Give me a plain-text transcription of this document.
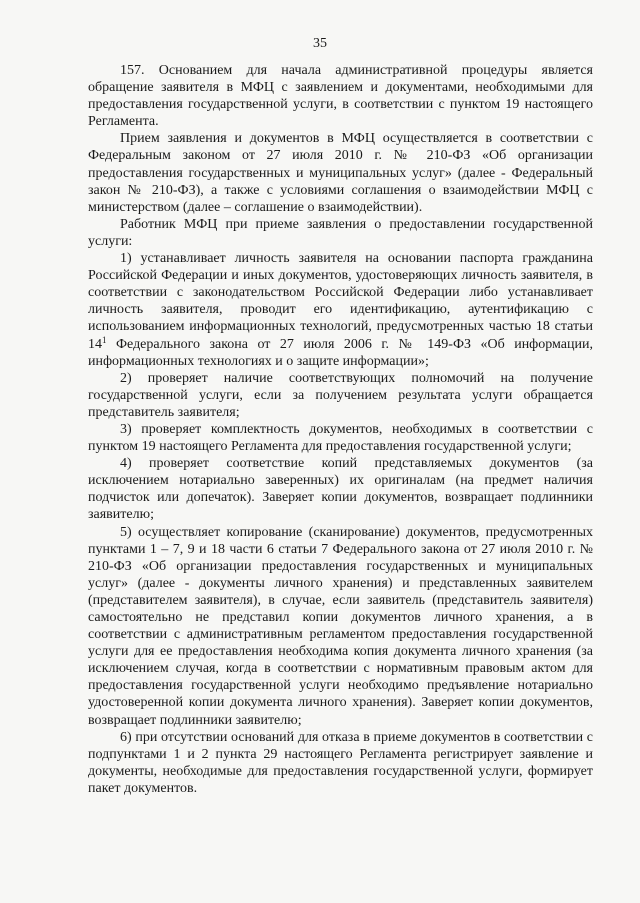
35

157. Основанием для начала административной процедуры является обращение заявителя в МФЦ с заявлением и документами, необходимыми для предоставления государственной услуги, в соответствии с пунктом 19 настоящего Регламента.

Прием заявления и документов в МФЦ осуществляется в соответствии с Федеральным законом от 27 июля 2010 г. № 210-ФЗ «Об организации предоставления государственных и муниципальных услуг» (далее - Федеральный закон № 210-ФЗ), а также с условиями соглашения о взаимодействии МФЦ с министерством (далее – соглашение о взаимодействии).

Работник МФЦ при приеме заявления о предоставлении государственной услуги:

1) устанавливает личность заявителя на основании паспорта гражданина Российской Федерации и иных документов, удостоверяющих личность заявителя, в соответствии с законодательством Российской Федерации либо устанавливает личность заявителя, проводит его идентификацию, аутентификацию с использованием информационных технологий, предусмотренных частью 18 статьи $14^1$ Федерального закона от 27 июля 2006 г. № 149-ФЗ «Об информации, информационных технологиях и о защите информации»;

2) проверяет наличие соответствующих полномочий на получение государственной услуги, если за получением результата услуги обращается представитель заявителя;

3) проверяет комплектность документов, необходимых в соответствии с пунктом 19 настоящего Регламента для предоставления государственной услуги;

4) проверяет соответствие копий представляемых документов (за исключением нотариально заверенных) их оригиналам (на предмет наличия подчисток или допечаток). Заверяет копии документов, возвращает подлинники заявителю;

5) осуществляет копирование (сканирование) документов, предусмотренных пунктами 1 – 7, 9 и 18 части 6 статьи 7 Федерального закона от 27 июля 2010 г. № 210-ФЗ «Об организации предоставления государственных и муниципальных услуг» (далее - документы личного хранения) и представленных заявителем (представителем заявителя), в случае, если заявитель (представитель заявителя) самостоятельно не представил копии документов личного хранения, а в соответствии с административным регламентом предоставления государственной услуги для ее предоставления необходима копия документа личного хранения (за исключением случая, когда в соответствии с нормативным правовым актом для предоставления государственной услуги необходимо предъявление нотариально удостоверенной копии документа личного хранения). Заверяет копии документов, возвращает подлинники заявителю;

6) при отсутствии оснований для отказа в приеме документов в соответствии с подпунктами 1 и 2 пункта 29 настоящего Регламента регистрирует заявление и документы, необходимые для предоставления государственной услуги, формирует пакет документов.
